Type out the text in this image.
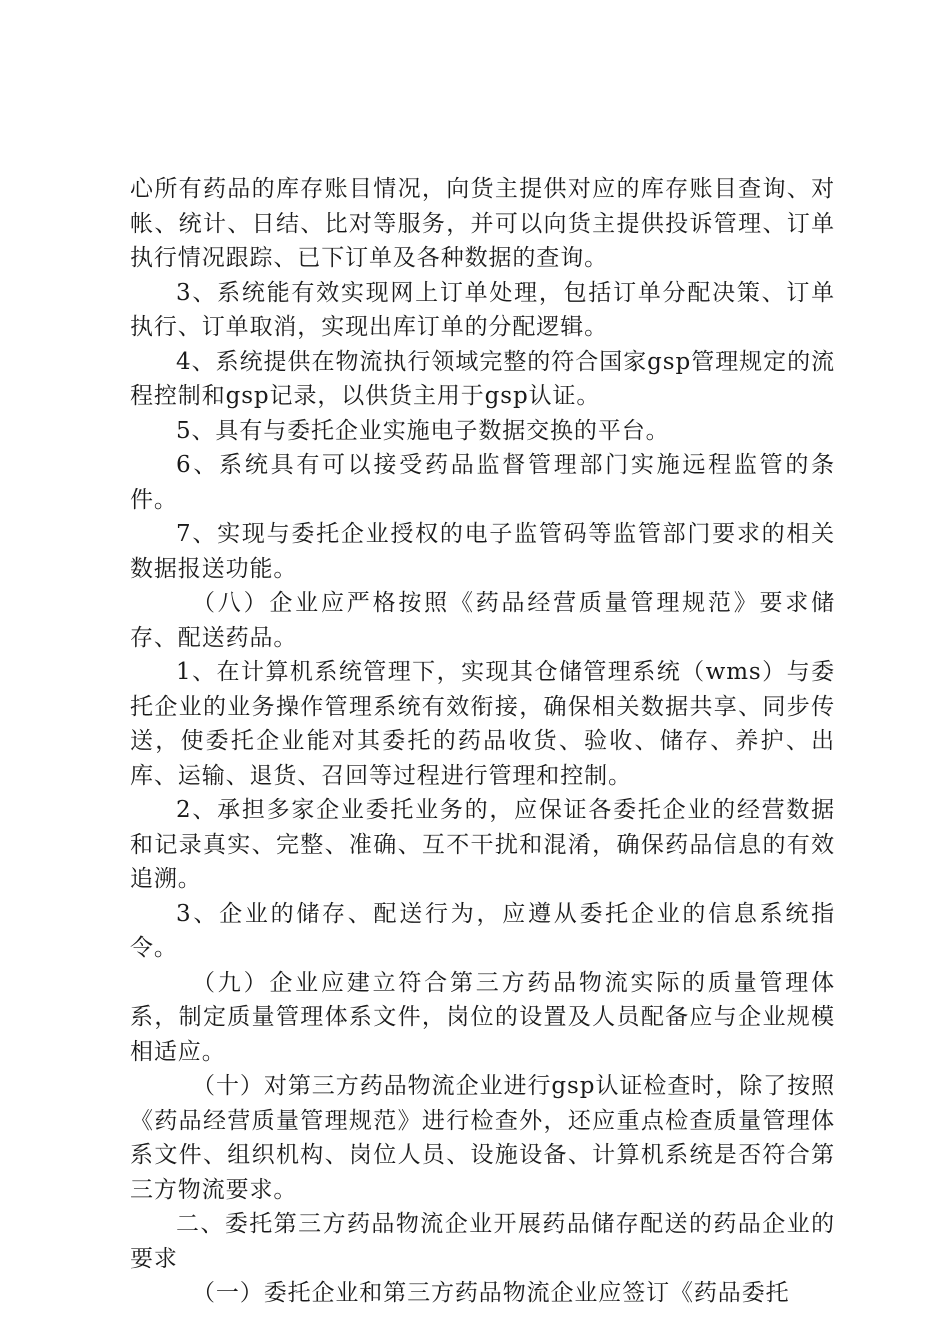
心所有药品的库存账目情况，向货主提供对应的库存账目查询、对帐、统计、日结、比对等服务，并可以向货主提供投诉管理、订单执行情况跟踪、已下订单及各种数据的查询。

3、系统能有效实现网上订单处理，包括订单分配决策、订单执行、订单取消，实现出库订单的分配逻辑。

4、系统提供在物流执行领域完整的符合国家gsp管理规定的流程控制和gsp记录，以供货主用于gsp认证。

5、具有与委托企业实施电子数据交换的平台。

6、系统具有可以接受药品监督管理部门实施远程监管的条件。

7、实现与委托企业授权的电子监管码等监管部门要求的相关数据报送功能。

（八）企业应严格按照《药品经营质量管理规范》要求储存、配送药品。

1、在计算机系统管理下，实现其仓储管理系统（wms）与委托企业的业务操作管理系统有效衔接，确保相关数据共享、同步传送，使委托企业能对其委托的药品收货、验收、储存、养护、出库、运输、退货、召回等过程进行管理和控制。

2、承担多家企业委托业务的，应保证各委托企业的经营数据和记录真实、完整、准确、互不干扰和混淆，确保药品信息的有效追溯。

3、企业的储存、配送行为，应遵从委托企业的信息系统指令。

（九）企业应建立符合第三方药品物流实际的质量管理体系，制定质量管理体系文件，岗位的设置及人员配备应与企业规模相适应。

（十）对第三方药品物流企业进行gsp认证检查时，除了按照《药品经营质量管理规范》进行检查外，还应重点检查质量管理体系文件、组织机构、岗位人员、设施设备、计算机系统是否符合第三方物流要求。

二、委托第三方药品物流企业开展药品储存配送的药品企业的要求

（一）委托企业和第三方药品物流企业应签订《药品委托
